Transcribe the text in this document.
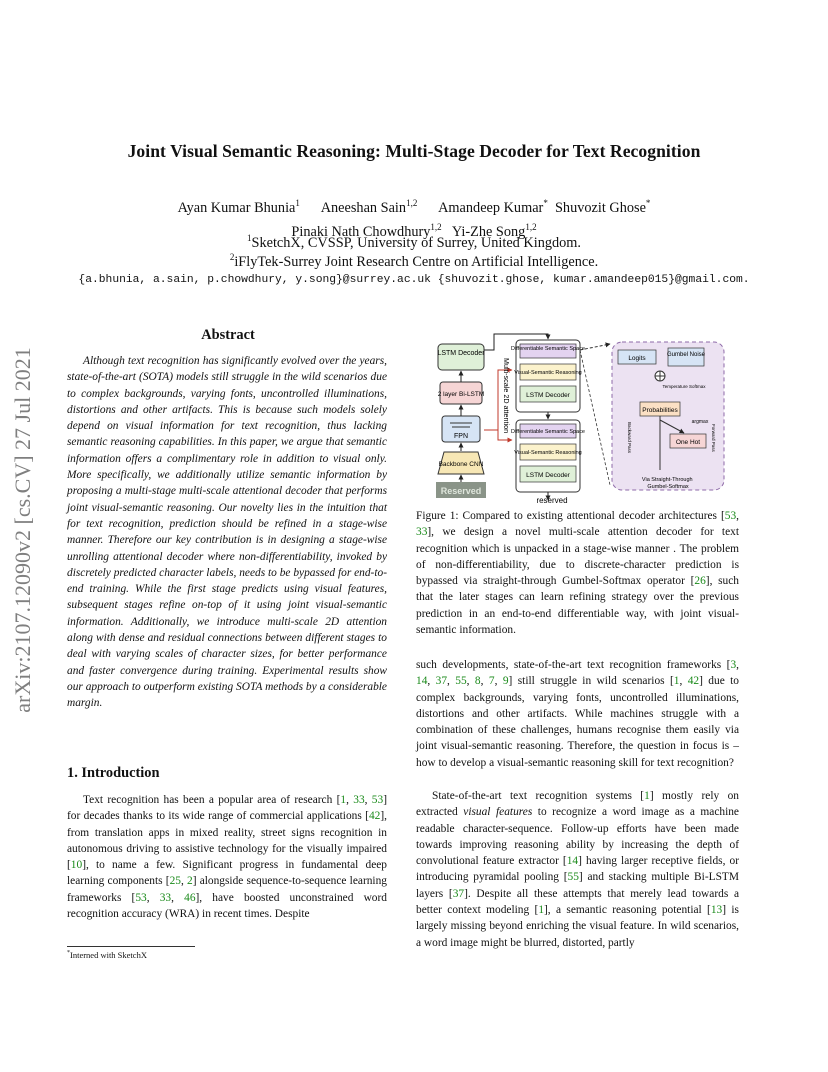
Joint Visual Semantic Reasoning: Multi-Stage Decoder for Text Recognition
Ayan Kumar Bhunia$^1$ Aneeshan Sain$^{1,2}$ Amandeep Kumar* Shuvozit Ghose*
Pinaki Nath Chowdhury$^{1,2}$ Yi-Zhe Song$^{1,2}$
$^1$SketchX, CVSSP, University of Surrey, United Kingdom.
$^2$iFlyTek-Surrey Joint Research Centre on Artificial Intelligence.
{a.bhunia, a.sain, p.chowdhury, y.song}@surrey.ac.uk {shuvozit.ghose, kumar.amandeep015}@gmail.com.
arXiv:2107.12090v2 [cs.CV] 27 Jul 2021
Abstract

Although text recognition has significantly evolved over the years, state-of-the-art (SOTA) models still struggle in the wild scenarios due to complex backgrounds, varying fonts, uncontrolled illuminations, distortions and other artifacts. This is because such models solely depend on visual information for text recognition, thus lacking semantic reasoning capabilities. In this paper, we argue that semantic information offers a complimentary role in addition to visual only. More specifically, we additionally utilize semantic information by proposing a multi-stage multi-scale attentional decoder that performs joint visual-semantic reasoning. Our novelty lies in the intuition that for text recognition, prediction should be refined in a stage-wise manner. Therefore our key contribution is in designing a stage-wise unrolling attentional decoder where non-differentiability, invoked by discretely predicted character labels, needs to be bypassed for end-to-end training. While the first stage predicts using visual features, subsequent stages refine on-top of it using joint visual-semantic information. Additionally, we introduce multi-scale 2D attention along with dense and residual connections between different stages to deal with varying scales of character sizes, for better performance and faster convergence during training. Experimental results show our approach to outperform existing SOTA methods by a considerable margin.

1. Introduction

Text recognition has been a popular area of research [1, 33, 53] for decades thanks to its wide range of commercial applications [42], from translation apps in mixed reality, street signs recognition in autonomous driving to assistive technology for the visually impaired [10], to name a few. Significant progress in fundamental deep learning components [25, 2] alongside sequence-to-sequence learning frameworks [53, 33, 46], have boosted unconstrained word recognition accuracy (WRA) in recent times. Despite

*Interned with SketchX
LSTM Decoder
2 layer Bi-LSTM
FPN
Backbone CNN
Reserved
Multi-scale 2D attention
Differentiable Semantic Space
Visual-Semantic Reasoning
LSTM Decoder
Differentiable Semantic Space
Visual-Semantic Reasoning
LSTM Decoder
reserved
Logits	Gumbel Noise
Temperature Softmax
Probabilities
argmax
One Hot
Backward Pass	Forward Pass
Via Straight-Through Gumbel-Softmax

Figure 1: Compared to existing attentional decoder architectures [53, 33], we design a novel multi-scale attention decoder for text recognition which is unpacked in a stage-wise manner . The problem of non-differentiability, due to discrete-character prediction is bypassed via straight-through Gumbel-Softmax operator [26], such that the later stages can learn refining strategy over the previous prediction in an end-to-end differentiable way, with joint visual-semantic information.

such developments, state-of-the-art text recognition frameworks [3, 14, 37, 55, 8, 7, 9] still struggle in wild scenarios [1, 42] due to complex backgrounds, varying fonts, uncontrolled illuminations, distortions and other artifacts. While machines struggle with a combination of these challenges, humans recognise them easily via joint visual-semantic reasoning. Therefore, the question in focus is – how to develop a visual-semantic reasoning skill for text recognition?

State-of-the-art text recognition systems [1] mostly rely on extracted visual features to recognize a word image as a machine readable character-sequence. Follow-up efforts have been made towards improving reasoning ability by increasing the depth of convolutional feature extractor [14] having larger receptive fields, or introducing pyramidal pooling [55] and stacking multiple Bi-LSTM layers [37]. Despite all these attempts that merely lead towards a better context modeling [1], a semantic reasoning potential [13] is largely missing beyond enriching the visual feature. In wild scenarios, a word image might be blurred, distorted, partly
